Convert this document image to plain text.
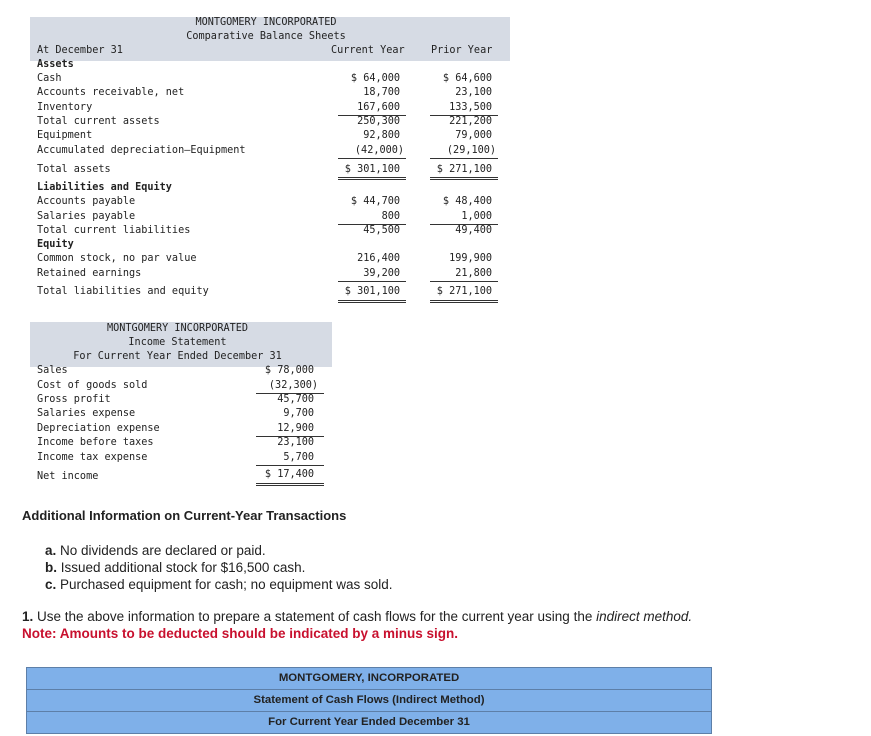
MONTGOMERY INCORPORATED
Comparative Balance Sheets
At December 31	Current Year	Prior Year
Assets
Cash	$ 64,000	$ 64,600
Accounts receivable, net	18,700	23,100
Inventory	167,600	133,500
Total current assets	250,300	221,200
Equipment	92,800	79,000
Accumulated depreciation—Equipment	(42,000)	(29,100)
Total assets	$ 301,100	$ 271,100
Liabilities and Equity
Accounts payable	$ 44,700	$ 48,400
Salaries payable	800	1,000
Total current liabilities	45,500	49,400
Equity
Common stock, no par value	216,400	199,900
Retained earnings	39,200	21,800
Total liabilities and equity	$ 301,100	$ 271,100
MONTGOMERY INCORPORATED
Income Statement
For Current Year Ended December 31
Sales	$ 78,000
Cost of goods sold	(32,300)
Gross profit	45,700
Salaries expense	9,700
Depreciation expense	12,900
Income before taxes	23,100
Income tax expense	5,700
Net income	$ 17,400
Additional Information on Current-Year Transactions
a. No dividends are declared or paid.
b. Issued additional stock for $16,500 cash.
c. Purchased equipment for cash; no equipment was sold.
1. Use the above information to prepare a statement of cash flows for the current year using the indirect method.
Note: Amounts to be deducted should be indicated by a minus sign.
MONTGOMERY, INCORPORATED
Statement of Cash Flows (Indirect Method)
For Current Year Ended December 31
